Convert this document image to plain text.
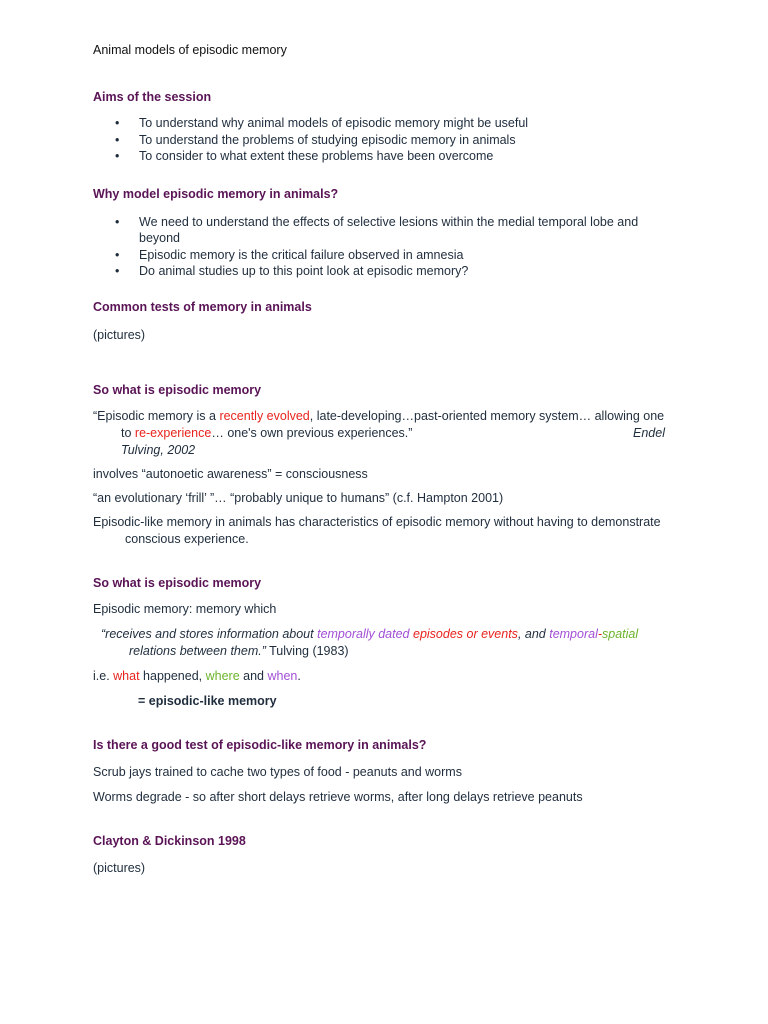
Animal models of episodic memory

Aims of the session

• To understand why animal models of episodic memory might be useful
• To understand the problems of studying episodic memory in animals
• To consider to what extent these problems have been overcome

Why model episodic memory in animals?

• We need to understand the effects of selective lesions within the medial temporal lobe and beyond
• Episodic memory is the critical failure observed in amnesia
• Do animal studies up to this point look at episodic memory?

Common tests of memory in animals

(pictures)

So what is episodic memory

“Episodic memory is a recently evolved, late-developing…past-oriented memory system… allowing one to re-experience… one's own previous experiences.”	Endel

Tulving, 2002

involves “autonoetic awareness” = consciousness

“an evolutionary ‘frill’ ”… “probably unique to humans” (c.f. Hampton 2001)

Episodic-like memory in animals has characteristics of episodic memory without having to demonstrate conscious experience.

So what is episodic memory

Episodic memory: memory which

“receives and stores information about temporally dated episodes or events, and temporal-spatial relations between them.” Tulving (1983)

i.e. what happened, where and when.

= episodic-like memory

Is there a good test of episodic-like memory in animals?

Scrub jays trained to cache two types of food - peanuts and worms

Worms degrade - so after short delays retrieve worms, after long delays retrieve peanuts

Clayton & Dickinson 1998

(pictures)
